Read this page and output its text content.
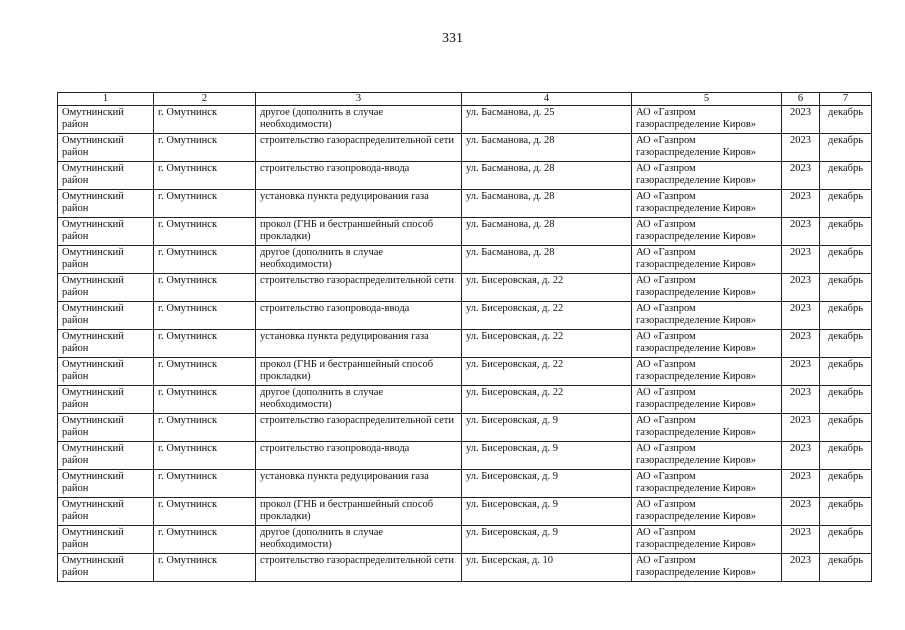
331
1	2	3	4	5	6	7
Омутнинский район	г. Омутнинск	другое (дополнить в случае необходимости)	ул. Басманова, д. 25	АО «Газпром газораспределение Киров»	2023	декабрь
Омутнинский район	г. Омутнинск	строительство газораспределительной сети	ул. Басманова, д. 28	АО «Газпром газораспределение Киров»	2023	декабрь
Омутнинский район	г. Омутнинск	строительство газопровода-ввода	ул. Басманова, д. 28	АО «Газпром газораспределение Киров»	2023	декабрь
Омутнинский район	г. Омутнинск	установка пункта редуцирования газа	ул. Басманова, д. 28	АО «Газпром газораспределение Киров»	2023	декабрь
Омутнинский район	г. Омутнинск	прокол (ГНБ и бестраншейный способ прокладки)	ул. Басманова, д. 28	АО «Газпром газораспределение Киров»	2023	декабрь
Омутнинский район	г. Омутнинск	другое (дополнить в случае необходимости)	ул. Басманова, д. 28	АО «Газпром газораспределение Киров»	2023	декабрь
Омутнинский район	г. Омутнинск	строительство газораспределительной сети	ул. Бисеровская, д. 22	АО «Газпром газораспределение Киров»	2023	декабрь
Омутнинский район	г. Омутнинск	строительство газопровода-ввода	ул. Бисеровская, д. 22	АО «Газпром газораспределение Киров»	2023	декабрь
Омутнинский район	г. Омутнинск	установка пункта редуцирования газа	ул. Бисеровская, д. 22	АО «Газпром газораспределение Киров»	2023	декабрь
Омутнинский район	г. Омутнинск	прокол (ГНБ и бестраншейный способ прокладки)	ул. Бисеровская, д. 22	АО «Газпром газораспределение Киров»	2023	декабрь
Омутнинский район	г. Омутнинск	другое (дополнить в случае необходимости)	ул. Бисеровская, д. 22	АО «Газпром газораспределение Киров»	2023	декабрь
Омутнинский район	г. Омутнинск	строительство газораспределительной сети	ул. Бисеровская, д. 9	АО «Газпром газораспределение Киров»	2023	декабрь
Омутнинский район	г. Омутнинск	строительство газопровода-ввода	ул. Бисеровская, д. 9	АО «Газпром газораспределение Киров»	2023	декабрь
Омутнинский район	г. Омутнинск	установка пункта редуцирования газа	ул. Бисеровская, д. 9	АО «Газпром газораспределение Киров»	2023	декабрь
Омутнинский район	г. Омутнинск	прокол (ГНБ и бестраншейный способ прокладки)	ул. Бисеровская, д. 9	АО «Газпром газораспределение Киров»	2023	декабрь
Омутнинский район	г. Омутнинск	другое (дополнить в случае необходимости)	ул. Бисеровская, д. 9	АО «Газпром газораспределение Киров»	2023	декабрь
Омутнинский район	г. Омутнинск	строительство газораспределительной сети	ул. Бисерская, д. 10	АО «Газпром газораспределение Киров»	2023	декабрь
